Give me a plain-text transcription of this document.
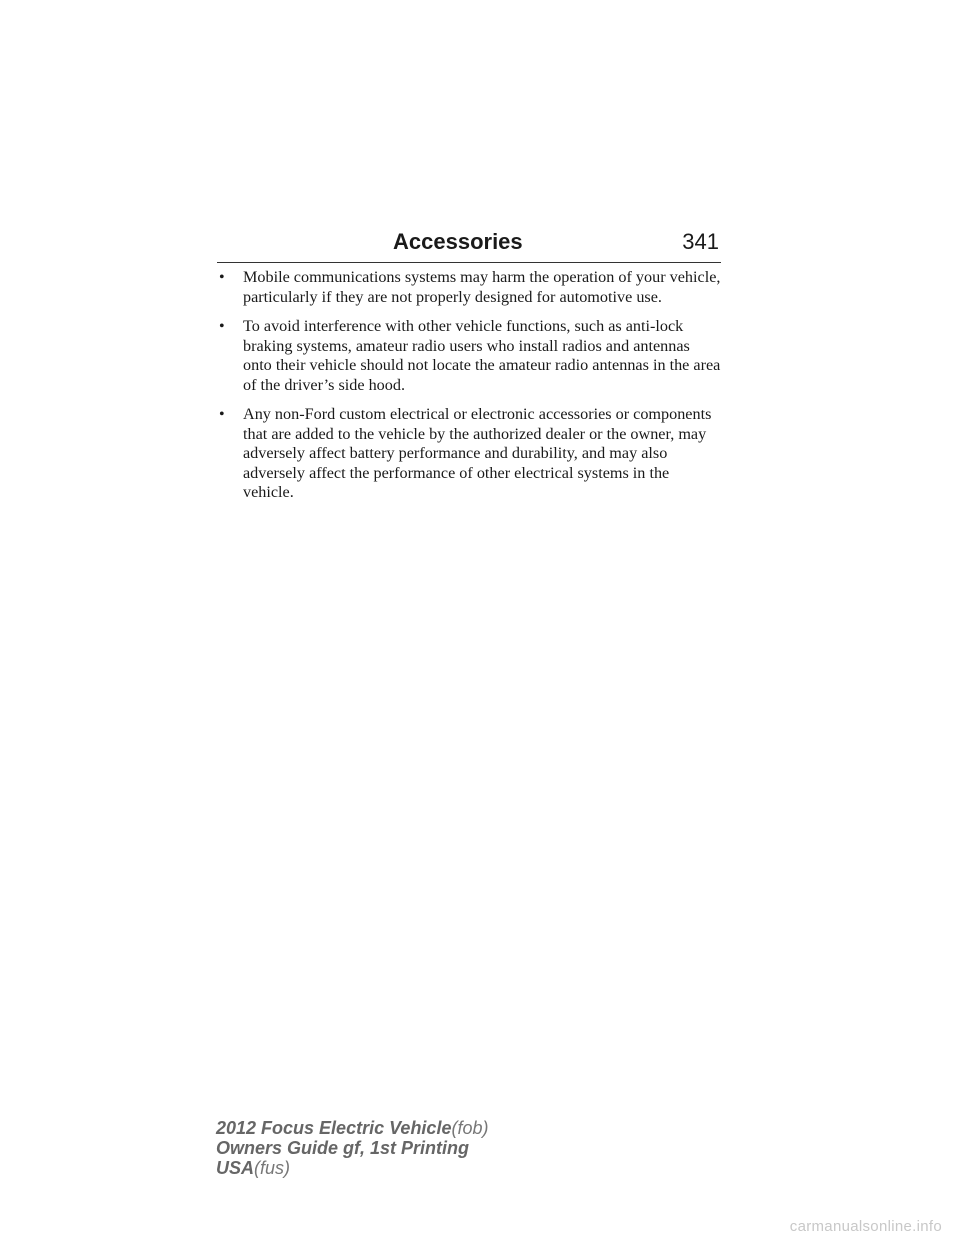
Accessories	341
• Mobile communications systems may harm the operation of your vehicle, particularly if they are not properly designed for automotive use.
• To avoid interference with other vehicle functions, such as anti-lock braking systems, amateur radio users who install radios and antennas onto their vehicle should not locate the amateur radio antennas in the area of the driver’s side hood.
• Any non-Ford custom electrical or electronic accessories or components that are added to the vehicle by the authorized dealer or the owner, may adversely affect battery performance and durability, and may also adversely affect the performance of other electrical systems in the vehicle.
2012 Focus Electric Vehicle(fob)
Owners Guide gf, 1st Printing
USA(fus)
carmanualsonline.info
